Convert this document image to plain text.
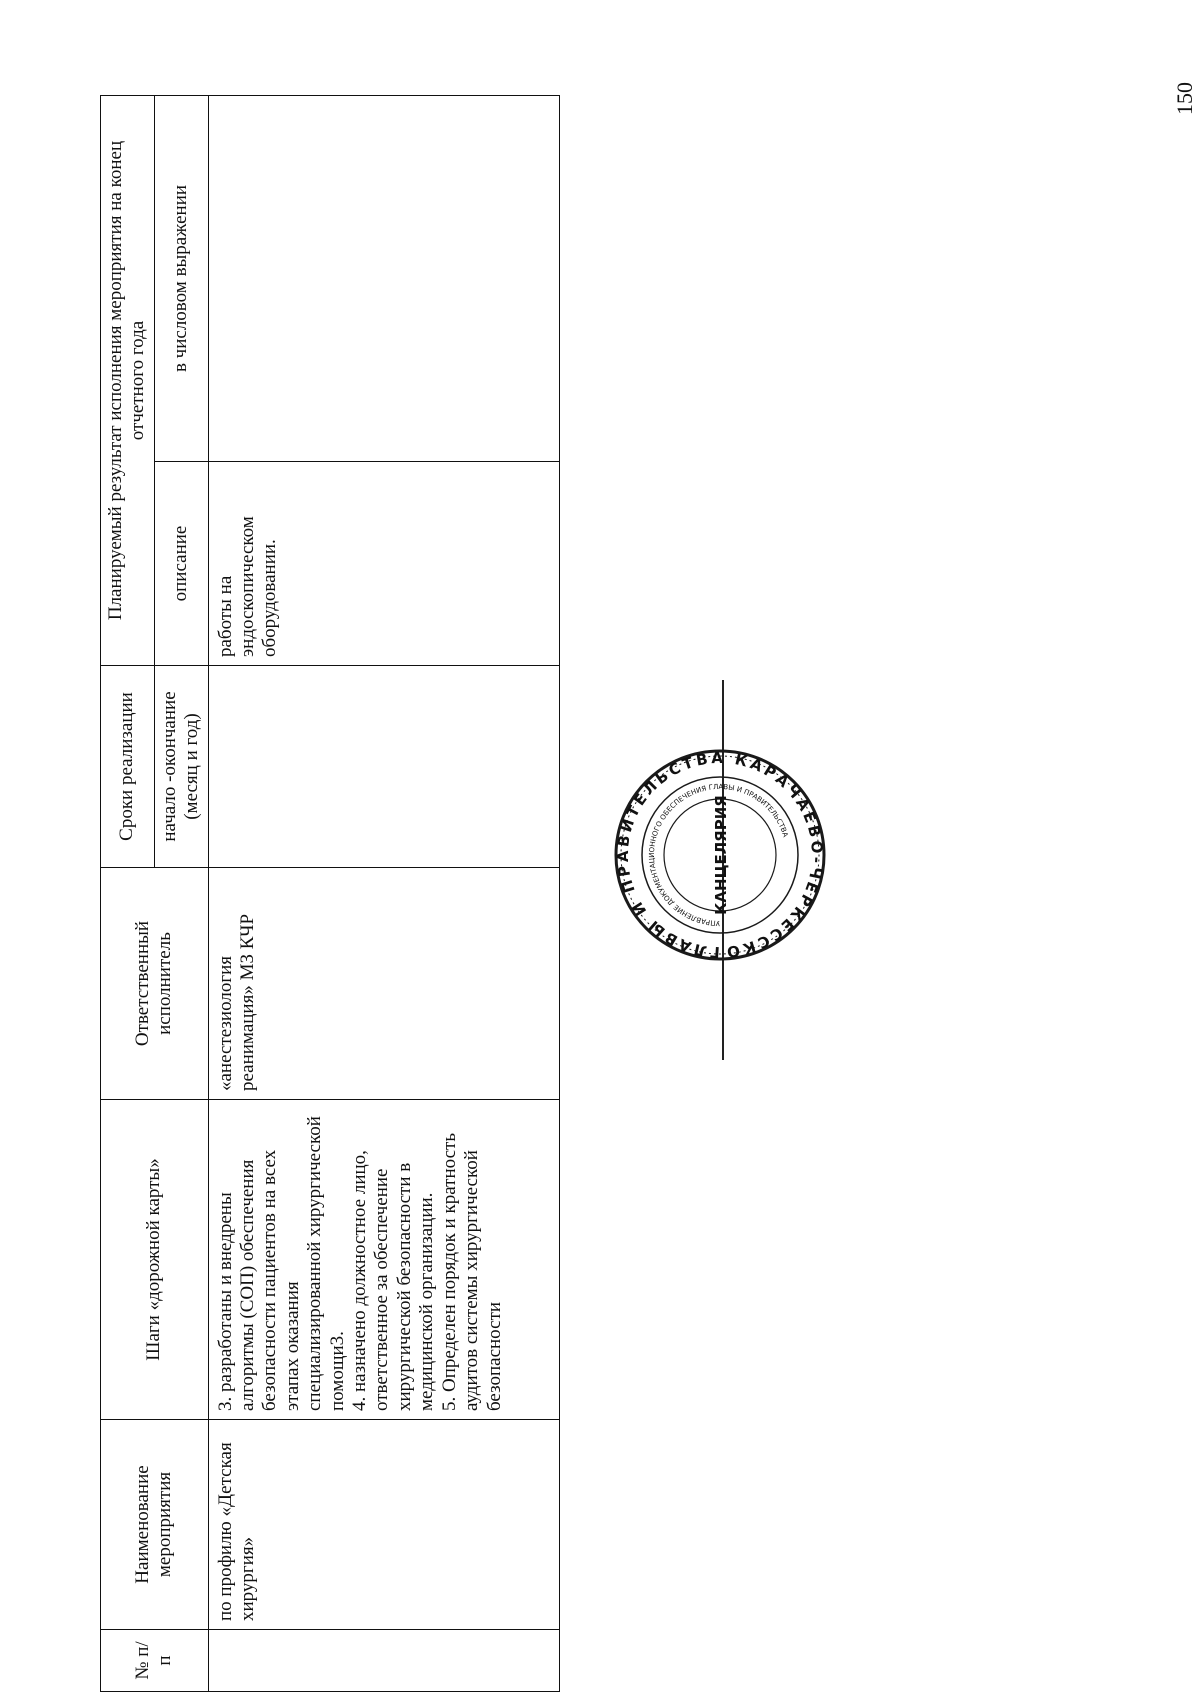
150
№ п/п	Наименование мероприятия	Шаги «дорожной карты»	Ответственный исполнитель	Сроки реализации	Планируемый результат исполнения мероприятия на конец отчетного года	
				начало -окончание (месяц и год)	описание	в числовом выражении
	по профилю «Детская хирургия»	3. разработаны и внедрены алгоритмы (СОП) обеспечения безопасности пациентов на всех этапах оказания специализированной хирургической помощи3. 4. назначено должностное лицо, ответственное за обеспечение хирургической безопасности в медицинской организации. 5. Определен порядок и кратность аудитов системы хирургической безопасности	«анестезиология реанимация» МЗ КЧР		работы на эндоскопическом оборудовании.	
ГЛАВЫ И ПРАВИТЕЛЬСТВА КАРАЧАЕВО-ЧЕРКЕССКО
УПРАВЛЕНИЕ ДОКУМЕНТАЦИОННОГО ОБЕСПЕЧЕНИЯ ГЛАВЫ И ПРАВИТЕЛЬСТВА
КАНЦЕЛЯРИЯ
